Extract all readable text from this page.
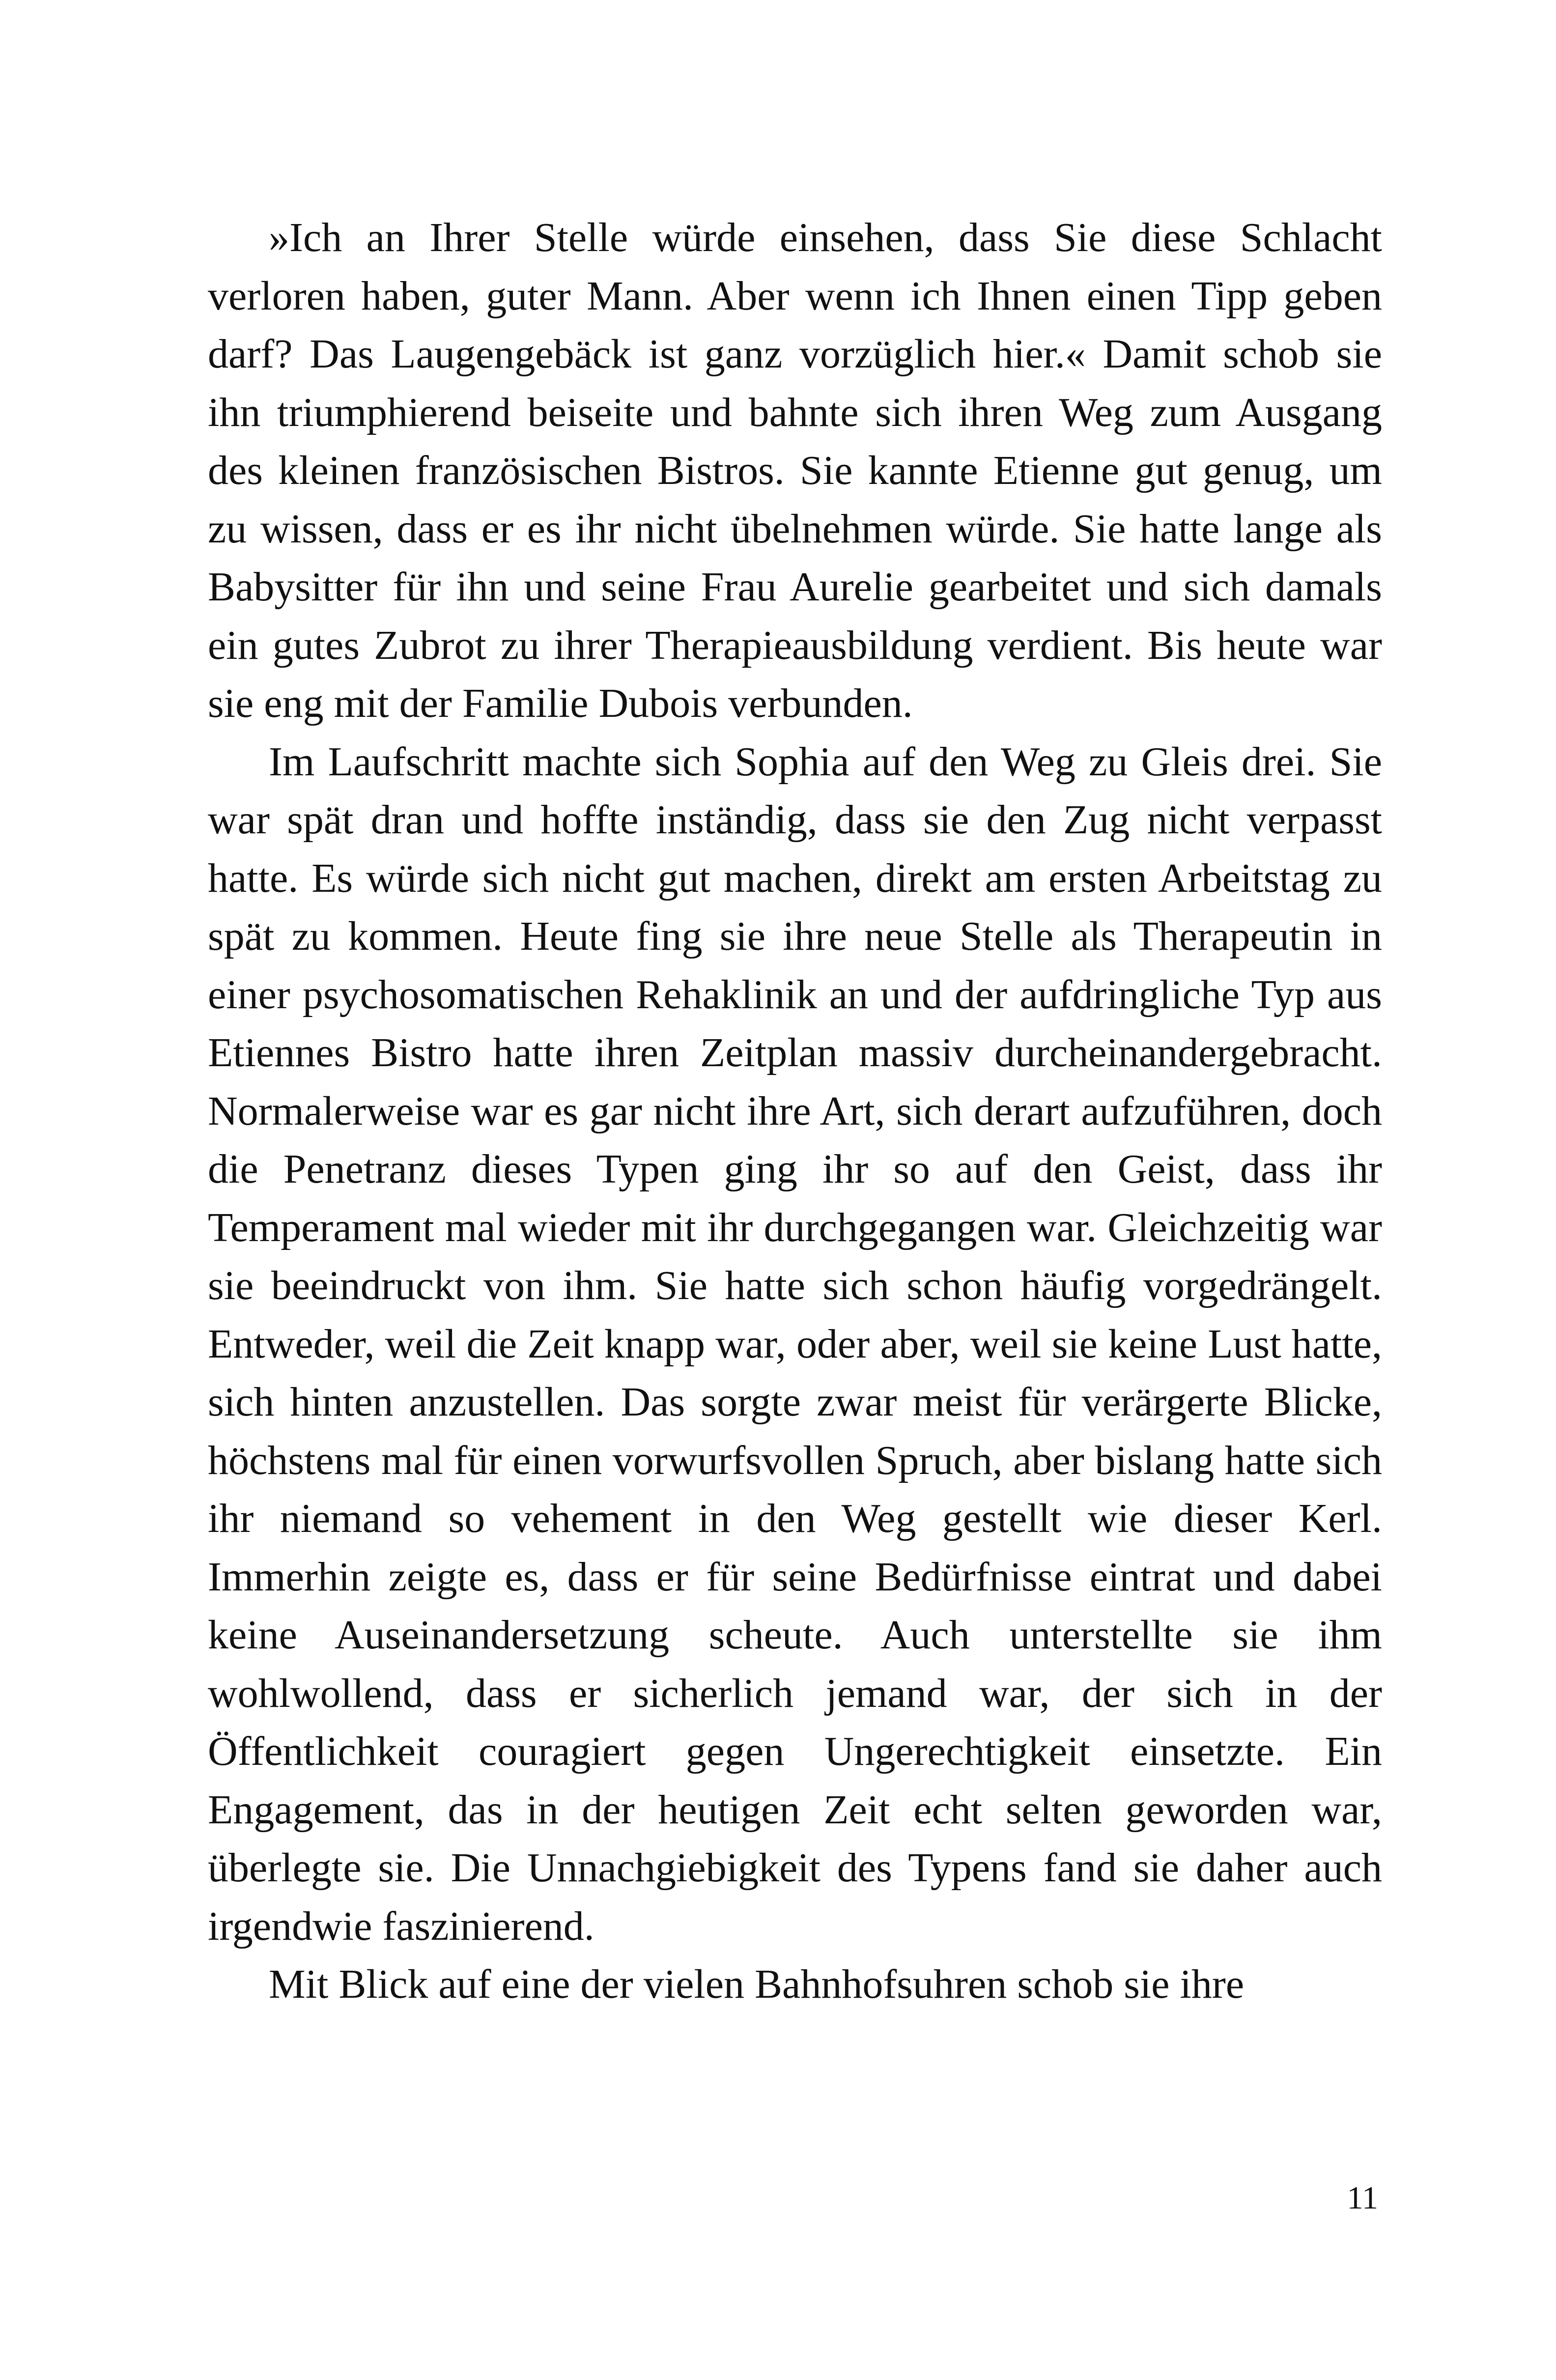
»Ich an Ihrer Stelle würde einsehen, dass Sie diese Schlacht verloren haben, guter Mann. Aber wenn ich Ihnen einen Tipp geben darf? Das Laugengebäck ist ganz vorzüglich hier.« Damit schob sie ihn triumphierend beiseite und bahnte sich ihren Weg zum Ausgang des kleinen französischen Bistros. Sie kannte Etienne gut genug, um zu wissen, dass er es ihr nicht übelnehmen würde. Sie hatte lange als Babysitter für ihn und seine Frau Aurelie gearbeitet und sich damals ein gutes Zubrot zu ihrer Therapieausbildung verdient. Bis heute war sie eng mit der Familie Dubois verbunden.

Im Laufschritt machte sich Sophia auf den Weg zu Gleis drei. Sie war spät dran und hoffte inständig, dass sie den Zug nicht verpasst hatte. Es würde sich nicht gut machen, direkt am ersten Arbeitstag zu spät zu kommen. Heute fing sie ihre neue Stelle als Therapeutin in einer psychosomatischen Rehaklinik an und der aufdringliche Typ aus Etiennes Bistro hatte ihren Zeitplan massiv durcheinandergebracht. Normalerweise war es gar nicht ihre Art, sich derart aufzuführen, doch die Penetranz dieses Typen ging ihr so auf den Geist, dass ihr Temperament mal wieder mit ihr durchgegangen war. Gleichzeitig war sie beeindruckt von ihm. Sie hatte sich schon häufig vorgedrängelt. Entweder, weil die Zeit knapp war, oder aber, weil sie keine Lust hatte, sich hinten anzustellen. Das sorgte zwar meist für verärgerte Blicke, höchstens mal für einen vorwurfsvollen Spruch, aber bislang hatte sich ihr niemand so vehement in den Weg gestellt wie dieser Kerl. Immerhin zeigte es, dass er für seine Bedürfnisse eintrat und dabei keine Auseinandersetzung scheute. Auch unterstellte sie ihm wohlwollend, dass er sicherlich jemand war, der sich in der Öffentlichkeit couragiert gegen Ungerechtigkeit einsetzte. Ein Engagement, das in der heutigen Zeit echt selten geworden war, überlegte sie. Die Unnachgiebigkeit des Typens fand sie daher auch irgendwie faszinierend.

Mit Blick auf eine der vielen Bahnhofsuhren schob sie ihre

11
